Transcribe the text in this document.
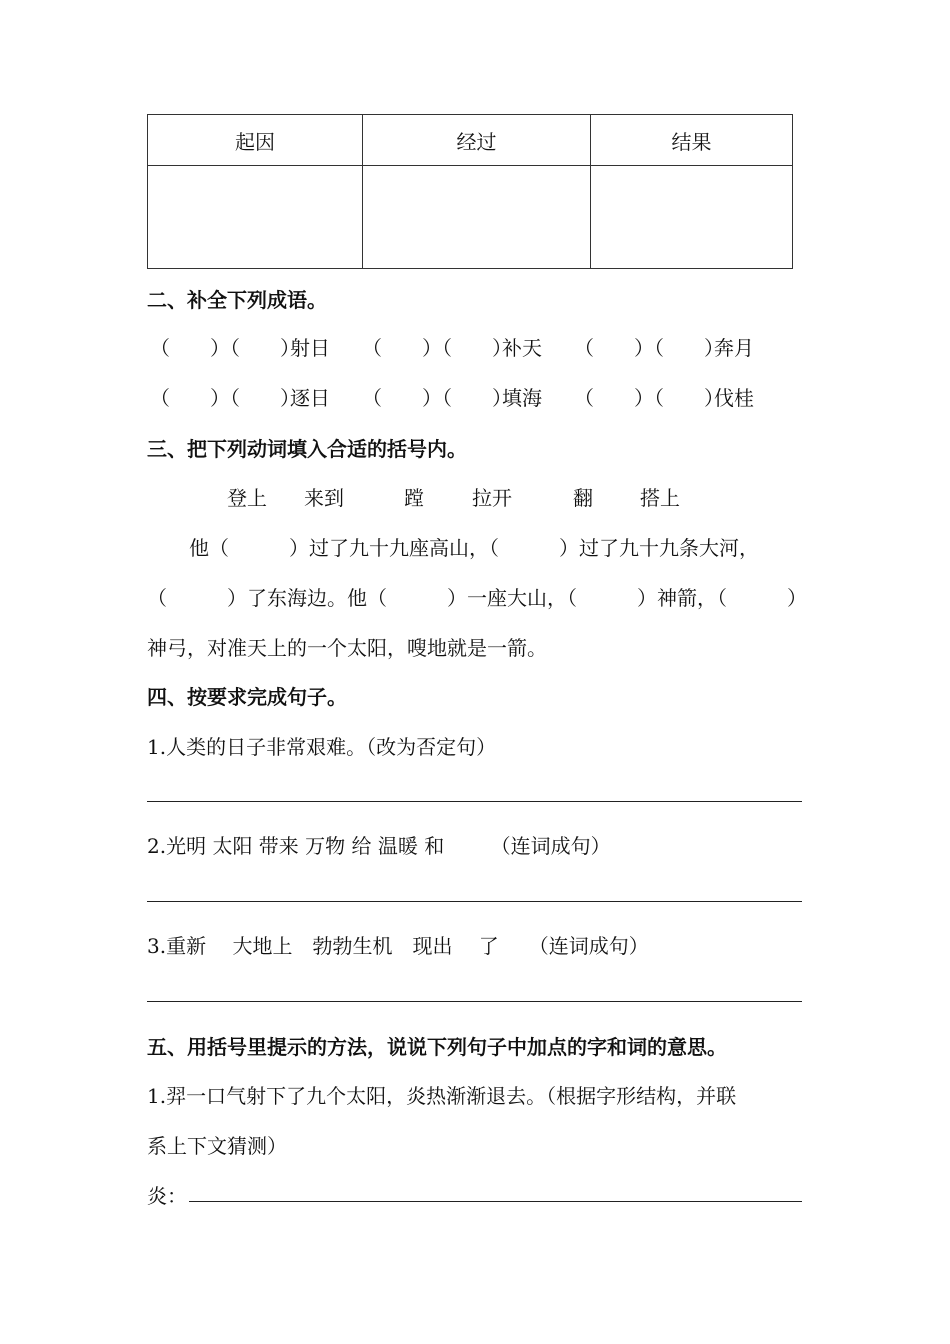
起因	经过	结果

二、补全下列成语。
（　　）（　　）射日 （　　）（　　）补天 （　　）（　　）奔月
（　　）（　　）逐日 （　　）（　　）填海 （　　）（　　）伐桂
三、把下列动词填入合适的括号内。
登上 来到	蹚 拉开	翻 搭上
他（　　　）过了九十九座高山，（　　　）过了九十九条大河，
（　　　）了东海边。他（　　　）一座大山，（　　　）神箭，（　　　）
神弓，对准天上的一个太阳，嗖地就是一箭。
四、按要求完成句子。
1.人类的日子非常艰难。（改为否定句）
2.光明 太阳 带来 万物 给 温暖 和　　 （连词成句）
3.重新　 大地上　勃勃生机　现出　 了　　（连词成句）
五、用括号里提示的方法，说说下列句子中加点的字和词的意思。
1.羿一口气射下了九个太阳，炎热渐渐退去。（根据字形结构，并联
系上下文猜测）
炎：
